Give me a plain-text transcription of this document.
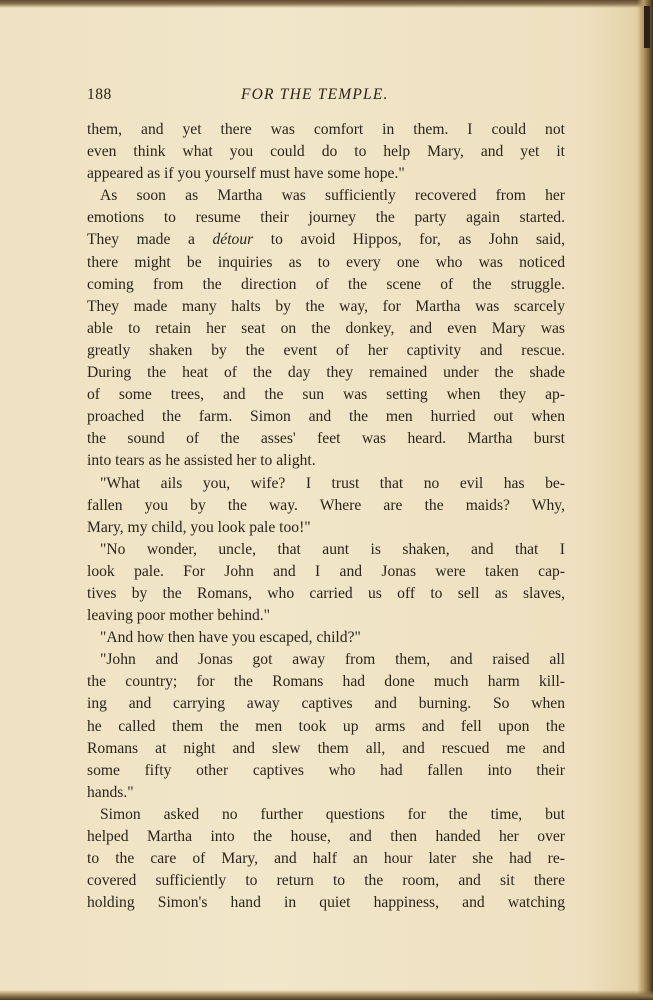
188	FOR THE TEMPLE.
them, and yet there was comfort in them. I could not
even think what you could do to help Mary, and yet it
appeared as if you yourself must have some hope."
As soon as Martha was sufficiently recovered from her
emotions to resume their journey the party again started.
They made a détour to avoid Hippos, for, as John said,
there might be inquiries as to every one who was noticed
coming from the direction of the scene of the struggle.
They made many halts by the way, for Martha was scarcely
able to retain her seat on the donkey, and even Mary was
greatly shaken by the event of her captivity and rescue.
During the heat of the day they remained under the shade
of some trees, and the sun was setting when they ap-
proached the farm. Simon and the men hurried out when
the sound of the asses' feet was heard. Martha burst
into tears as he assisted her to alight.
"What ails you, wife? I trust that no evil has be-
fallen you by the way. Where are the maids? Why,
Mary, my child, you look pale too!"
"No wonder, uncle, that aunt is shaken, and that I
look pale. For John and I and Jonas were taken cap-
tives by the Romans, who carried us off to sell as slaves,
leaving poor mother behind."
"And how then have you escaped, child?"
"John and Jonas got away from them, and raised all
the country; for the Romans had done much harm kill-
ing and carrying away captives and burning. So when
he called them the men took up arms and fell upon the
Romans at night and slew them all, and rescued me and
some fifty other captives who had fallen into their
hands."
Simon asked no further questions for the time, but
helped Martha into the house, and then handed her over
to the care of Mary, and half an hour later she had re-
covered sufficiently to return to the room, and sit there
holding Simon's hand in quiet happiness, and watching
